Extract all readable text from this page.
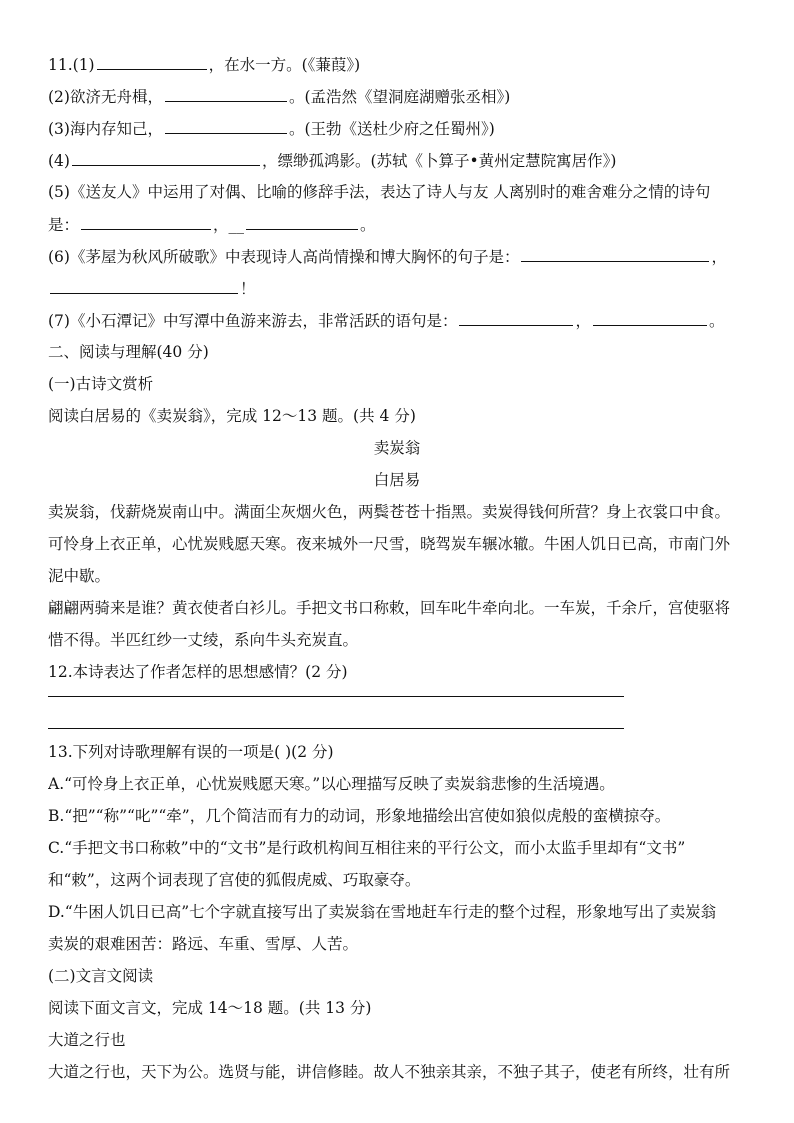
11.(1)	，在水一方。(《蒹葭》)
(2)欲济无舟楫，	。(孟浩然《望洞庭湖赠张丞相》)
(3)海内存知己，	。(王勃《送杜少府之任蜀州》)
(4)	，缥缈孤鸿影。(苏轼《卜算子•黄州定慧院寓居作》)
(5)《送友人》中运用了对偶、比喻的修辞手法，表达了诗人与友 人离别时的难舍难分之情的诗句
是：	，__	。
(6)《茅屋为秋风所破歌》中表现诗人高尚情操和博大胸怀的句子是：	，
！
(7)《小石潭记》中写潭中鱼游来游去，非常活跃的语句是：	，	。
二、阅读与理解(40 分)
(一)古诗文赏析
阅读白居易的《卖炭翁》，完成 12～13 题。(共 4 分)
卖炭翁
白居易
卖炭翁，伐薪烧炭南山中。满面尘灰烟火色，两鬓苍苍十指黑。卖炭得钱何所营？身上衣裳口中食。
可怜身上衣正单，心忧炭贱愿天寒。夜来城外一尺雪，晓驾炭车辗冰辙。牛困人饥日已高，市南门外
泥中歇。
翩翩两骑来是谁？黄衣使者白衫儿。手把文书口称敕，回车叱牛牵向北。一车炭，千余斤，宫使驱将
惜不得。半匹红纱一丈绫，系向牛头充炭直。
12.本诗表达了作者怎样的思想感情？(2 分)
13.下列对诗歌理解有误的一项是( )(2 分)
A.“可怜身上衣正单，心忧炭贱愿天寒。”以心理描写反映了卖炭翁悲惨的生活境遇。
B.“把”“称”“叱”“牵”，几个简洁而有力的动词，形象地描绘出宫使如狼似虎般的蛮横掠夺。
C.“手把文书口称敕”中的“文书”是行政机构间互相往来的平行公文，而小太监手里却有“文书”
和“敕”，这两个词表现了宫使的狐假虎威、巧取豪夺。
D.“牛困人饥日已高”七个字就直接写出了卖炭翁在雪地赶车行走的整个过程，形象地写出了卖炭翁
卖炭的艰难困苦：路远、车重、雪厚、人苦。
(二)文言文阅读
阅读下面文言文，完成 14～18 题。(共 13 分)
大道之行也
大道之行也，天下为公。选贤与能，讲信修睦。故人不独亲其亲，不独子其子，使老有所终，壮有所
